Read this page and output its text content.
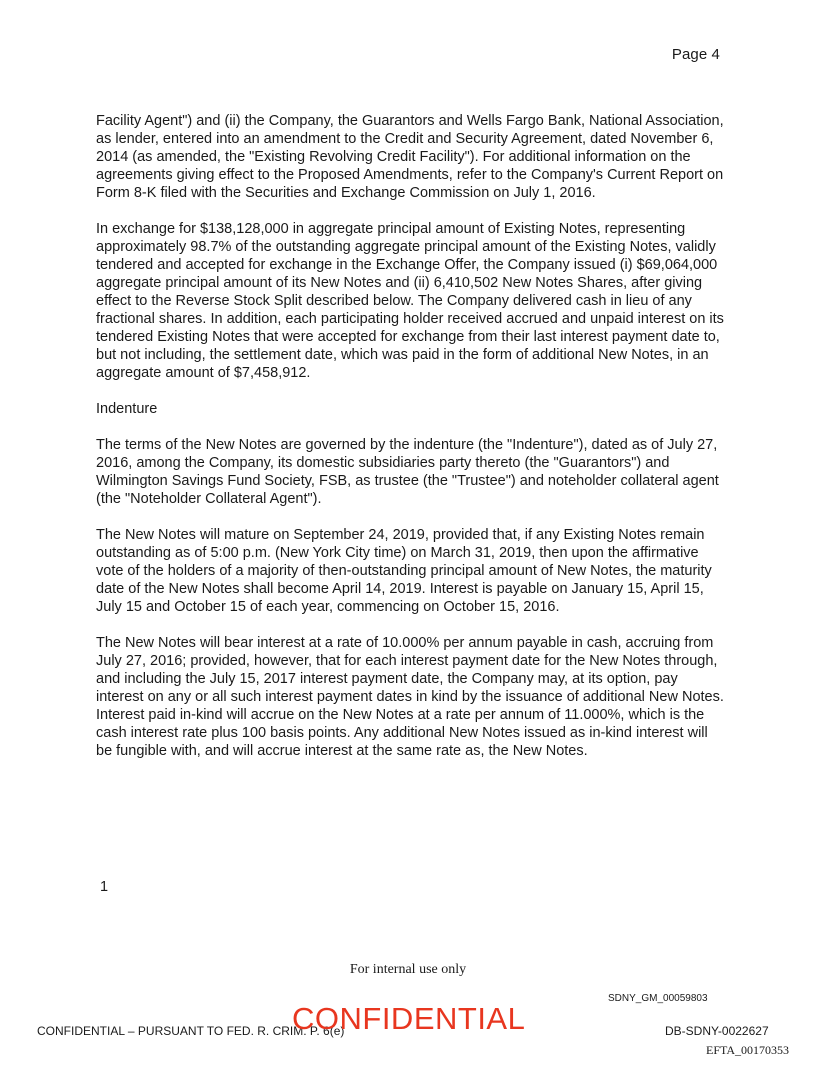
Page 4

Facility Agent") and (ii) the Company, the Guarantors and Wells Fargo Bank, National Association, as lender, entered into an amendment to the Credit and Security Agreement, dated November 6, 2014 (as amended, the "Existing Revolving Credit Facility"). For additional information on the agreements giving effect to the Proposed Amendments, refer to the Company's Current Report on Form 8-K filed with the Securities and Exchange Commission on July 1, 2016.

In exchange for $138,128,000 in aggregate principal amount of Existing Notes, representing approximately 98.7% of the outstanding aggregate principal amount of the Existing Notes, validly tendered and accepted for exchange in the Exchange Offer, the Company issued (i) $69,064,000 aggregate principal amount of its New Notes and (ii) 6,410,502 New Notes Shares, after giving effect to the Reverse Stock Split described below. The Company delivered cash in lieu of any fractional shares. In addition, each participating holder received accrued and unpaid interest on its tendered Existing Notes that were accepted for exchange from their last interest payment date to, but not including, the settlement date, which was paid in the form of additional New Notes, in an aggregate amount of $7,458,912.

Indenture

The terms of the New Notes are governed by the indenture (the "Indenture"), dated as of July 27, 2016, among the Company, its domestic subsidiaries party thereto (the "Guarantors") and Wilmington Savings Fund Society, FSB, as trustee (the "Trustee") and noteholder collateral agent (the "Noteholder Collateral Agent").

The New Notes will mature on September 24, 2019, provided that, if any Existing Notes remain outstanding as of 5:00 p.m. (New York City time) on March 31, 2019, then upon the affirmative vote of the holders of a majority of then-outstanding principal amount of New Notes, the maturity date of the New Notes shall become April 14, 2019. Interest is payable on January 15, April 15, July 15 and October 15 of each year, commencing on October 15, 2016.

The New Notes will bear interest at a rate of 10.000% per annum payable in cash, accruing from July 27, 2016; provided, however, that for each interest payment date for the New Notes through, and including the July 15, 2017 interest payment date, the Company may, at its option, pay interest on any or all such interest payment dates in kind by the issuance of additional New Notes. Interest paid in-kind will accrue on the New Notes at a rate per annum of 11.000%, which is the cash interest rate plus 100 basis points. Any additional New Notes issued as in-kind interest will be fungible with, and will accrue interest at the same rate as, the New Notes.

1
For internal use only
SDNY_GM_00059803
CONFIDENTIAL – PURSUANT TO FED. R. CRIM. P. 6(e)
CONFIDENTIAL	DB-SDNY-0022627
EFTA_00170353
